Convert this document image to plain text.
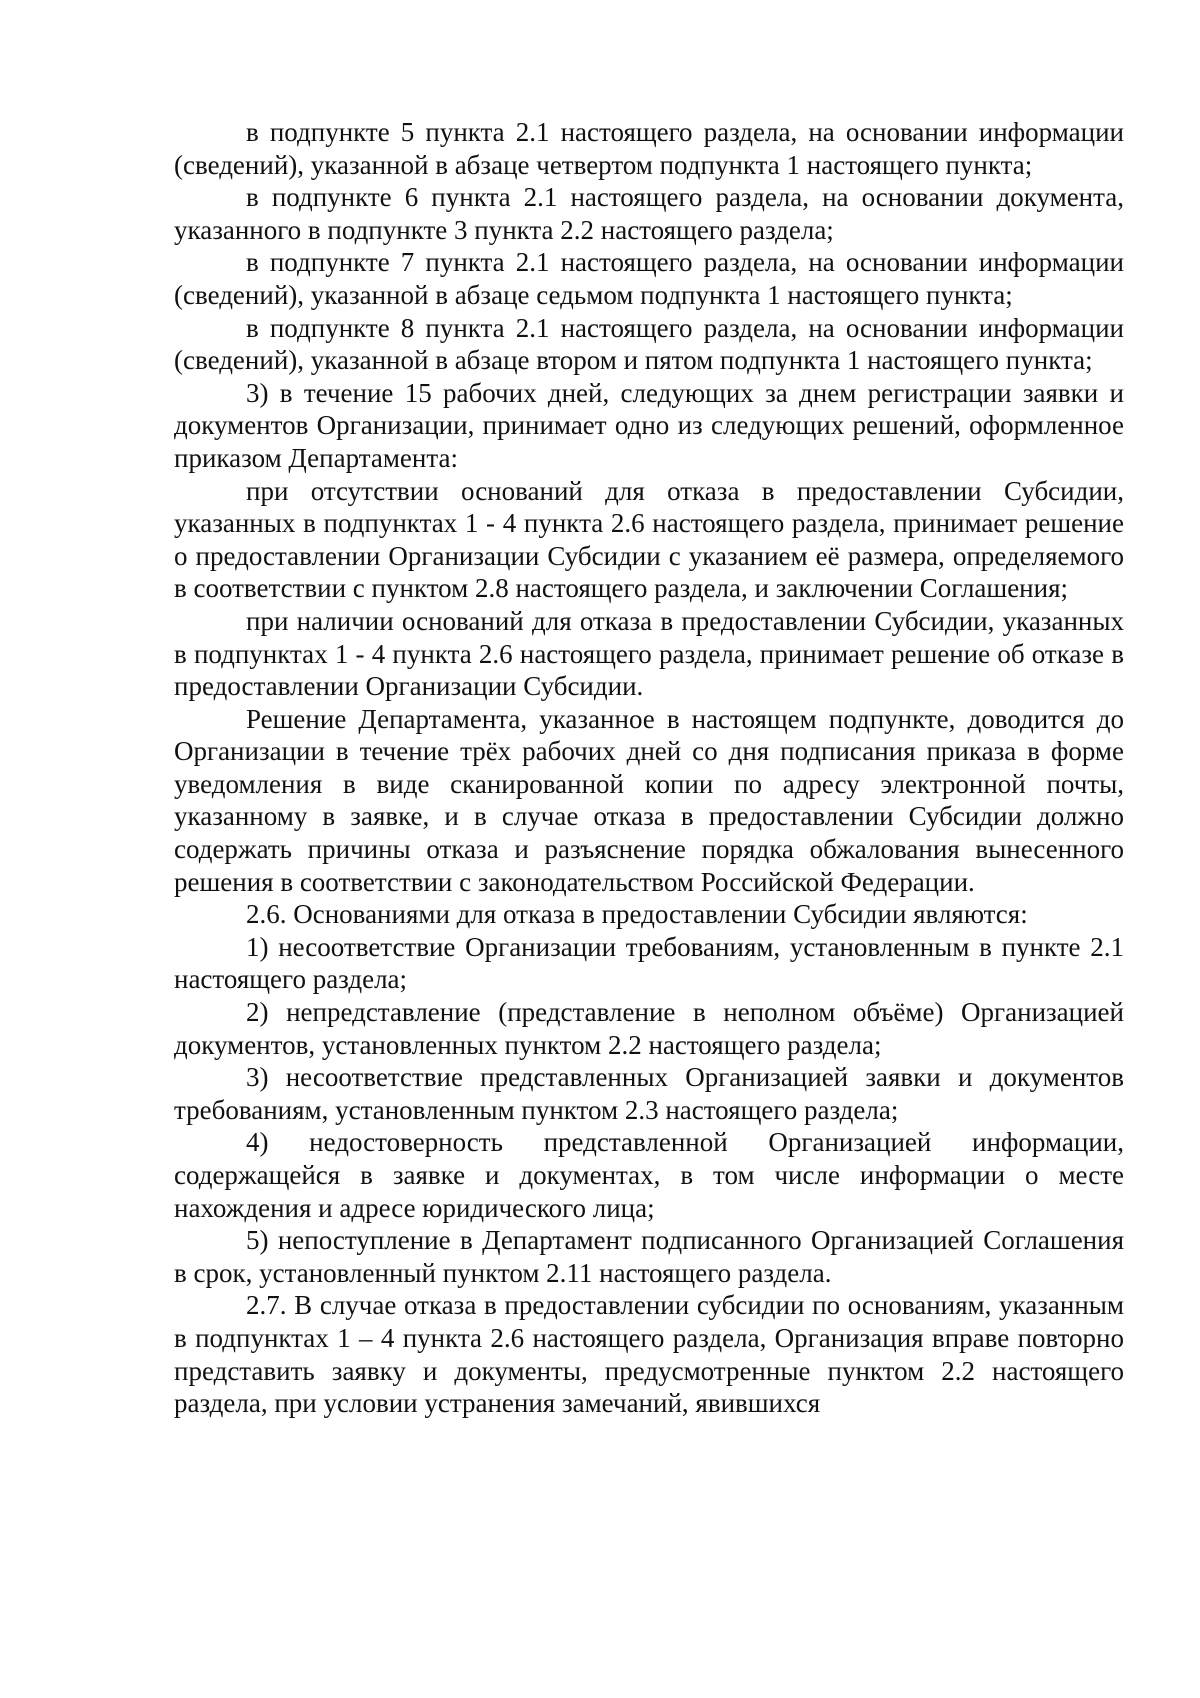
в подпункте 5 пункта 2.1 настоящего раздела, на основании информации (сведений), указанной в абзаце четвертом подпункта 1 настоящего пункта;

в подпункте 6 пункта 2.1 настоящего раздела, на основании документа, указанного в подпункте 3 пункта 2.2 настоящего раздела;

в подпункте 7 пункта 2.1 настоящего раздела, на основании информации (сведений), указанной в абзаце седьмом подпункта 1 настоящего пункта;

в подпункте 8 пункта 2.1 настоящего раздела, на основании информации (сведений), указанной в абзаце втором и пятом подпункта 1 настоящего пункта;

3) в течение 15 рабочих дней, следующих за днем регистрации заявки и документов Организации, принимает одно из следующих решений, оформленное приказом Департамента:

при отсутствии оснований для отказа в предоставлении Субсидии, указанных в подпунктах 1 - 4 пункта 2.6 настоящего раздела, принимает решение о предоставлении Организации Субсидии с указанием её размера, определяемого в соответствии с пунктом 2.8 настоящего раздела, и заключении Соглашения;

при наличии оснований для отказа в предоставлении Субсидии, указанных в подпунктах 1 - 4 пункта 2.6 настоящего раздела, принимает решение об отказе в предоставлении Организации Субсидии.

Решение Департамента, указанное в настоящем подпункте, доводится до Организации в течение трёх рабочих дней со дня подписания приказа в форме уведомления в виде сканированной копии по адресу электронной почты, указанному в заявке, и в случае отказа в предоставлении Субсидии должно содержать причины отказа и разъяснение порядка обжалования вынесенного решения в соответствии с законодательством Российской Федерации.

2.6. Основаниями для отказа в предоставлении Субсидии являются:

1) несоответствие Организации требованиям, установленным в пункте 2.1 настоящего раздела;

2) непредставление (представление в неполном объёме) Организацией документов, установленных пунктом 2.2 настоящего раздела;

3) несоответствие представленных Организацией заявки и документов требованиям, установленным пунктом 2.3 настоящего раздела;

4) недостоверность представленной Организацией информации, содержащейся в заявке и документах, в том числе информации о месте нахождения и адресе юридического лица;

5) непоступление в Департамент подписанного Организацией Соглашения в срок, установленный пунктом 2.11 настоящего раздела.

2.7. В случае отказа в предоставлении субсидии по основаниям, указанным в подпунктах 1 – 4 пункта 2.6 настоящего раздела, Организация вправе повторно представить заявку и документы, предусмотренные пунктом 2.2 настоящего раздела, при условии устранения замечаний, явившихся
